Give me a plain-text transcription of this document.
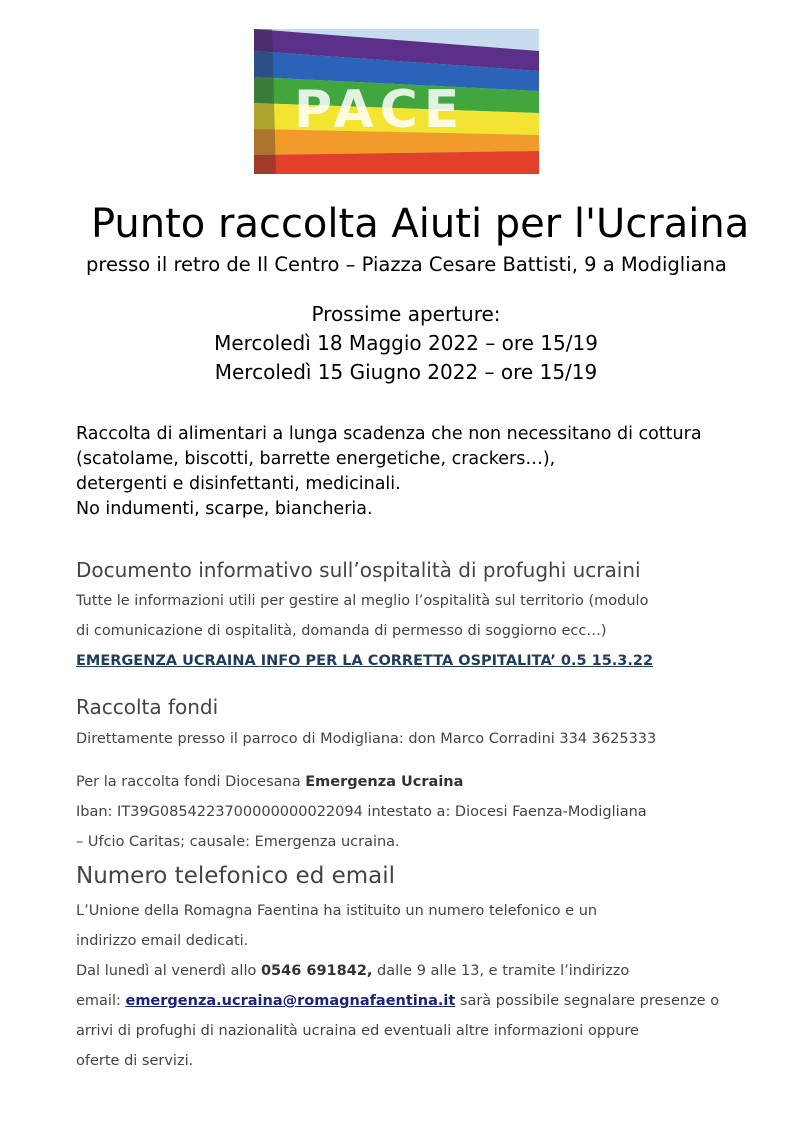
PACE
Punto raccolta Aiuti per l'Ucraina
presso il retro de Il Centro – Piazza Cesare Battisti, 9 a Modigliana
Prossime aperture:
Mercoledì 18 Maggio 2022 – ore 15/19
Mercoledì 15 Giugno 2022 – ore 15/19
Raccolta di alimentari a lunga scadenza che non necessitano di cottura
(scatolame, biscotti, barrette energetiche, crackers…),
detergenti e disinfettanti, medicinali.
No indumenti, scarpe, biancheria.
Documento informativo sull’ospitalità di profughi ucraini
Tutte le informazioni utili per gestire al meglio l’ospitalità sul territorio (modulo
di comunicazione di ospitalità, domanda di permesso di soggiorno ecc…)
EMERGENZA UCRAINA INFO PER LA CORRETTA OSPITALITA’ 0.5 15.3.22
Raccolta fondi
Direttamente presso il parroco di Modigliana: don Marco Corradini 334 3625333
Per la raccolta fondi Diocesana Emergenza Ucraina
Iban: IT39G0854223700000000022094 intestato a: Diocesi Faenza-Modigliana
– Ufcio Caritas; causale: Emergenza ucraina.
Numero telefonico ed email
L’Unione della Romagna Faentina ha istituito un numero telefonico e un
indirizzo email dedicati.
Dal lunedì al venerdì allo 0546 691842, dalle 9 alle 13, e tramite l’indirizzo
email: emergenza.ucraina@romagnafaentina.it sarà possibile segnalare presenze o
arrivi di profughi di nazionalità ucraina ed eventuali altre informazioni oppure
oferte di servizi.
